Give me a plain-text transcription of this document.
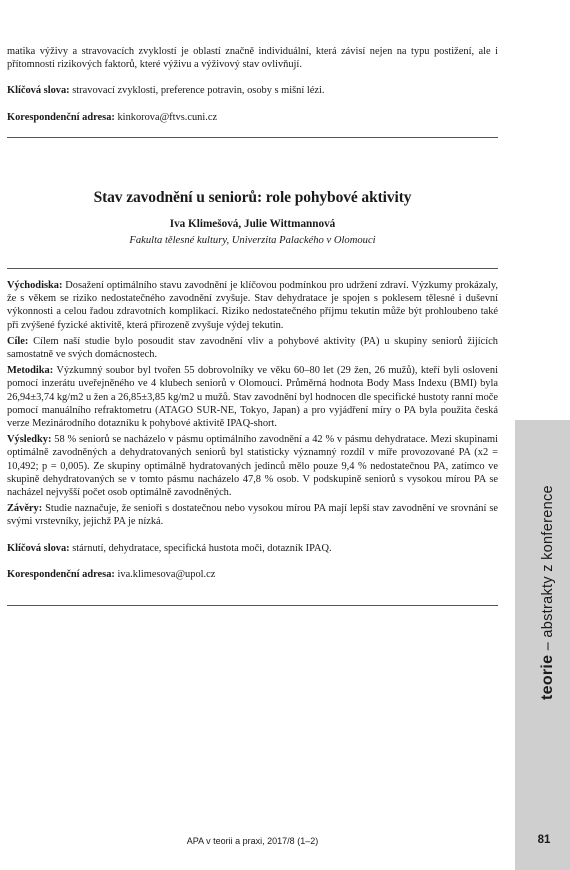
matika výživy a stravovacích zvyklostí je oblastí značně individuální, která závisí nejen na typu postižení, ale i přítomnosti rizikových faktorů, které výživu a výživový stav ovlivňují.

Klíčová slova: stravovací zvyklosti, preference potravin, osoby s mišní lézi.

Korespondenční adresa: kinkorova@ftvs.cuni.cz

Stav zavodnění u seniorů: role pohybové aktivity
Iva Klimešová, Julie Wittmannová
Fakulta tělesné kultury, Univerzita Palackého v Olomouci

Východiska: Dosažení optimálního stavu zavodnění je klíčovou podmínkou pro udržení zdraví. Výzkumy prokázaly, že s věkem se riziko nedostatečného zavodnění zvyšuje. Stav dehydratace je spojen s poklesem tělesné i duševní výkonnosti a celou řadou zdravotních komplikací. Riziko nedostatečného příjmu tekutin může být prohloubeno také při zvýšené fyzické aktivitě, která přirozeně zvyšuje výdej tekutin.

Cíle: Cílem naší studie bylo posoudit stav zavodnění vliv a pohybové aktivity (PA) u skupiny seniorů žijících samostatně ve svých domácnostech.

Metodika: Výzkumný soubor byl tvořen 55 dobrovolníky ve věku 60–80 let (29 žen, 26 mužů), kteří byli osloveni pomocí inzerátu uveřejněného ve 4 klubech seniorů v Olomouci. Průměrná hodnota Body Mass Indexu (BMI) byla 26,94±3,74 kg/m2 u žen a 26,85±3,85 kg/m2 u mužů. Stav zavodnění byl hodnocen dle specifické hustoty ranní moče pomocí manuálního refraktometru (ATAGO SUR-NE, Tokyo, Japan) a pro vyjádření míry o PA byla použita česká verze Mezinárodního dotazníku k pohybové aktivitě IPAQ-short.

Výsledky: 58 % seniorů se nacházelo v pásmu optimálního zavodnění a 42 % v pásmu dehydratace. Mezi skupinami optimálně zavodněných a dehydratovaných seniorů byl statisticky významný rozdíl v míře provozované PA (x2 = 10,492; p = 0,005). Ze skupiny optimálně hydratovaných jedinců mělo pouze 9,4 % nedostatečnou PA, zatímco ve skupině dehydratovaných se v tomto pásmu nacházelo 47,8 % osob. V podskupině seniorů s vysokou mírou PA se nacházel nejvyšší počet osob optimálně zavodněných.

Závěry: Studie naznačuje, že senioři s dostatečnou nebo vysokou mírou PA mají lepší stav zavodnění ve srovnání se svými vrstevníky, jejichž PA je nízká.

Klíčová slova: stárnutí, dehydratace, specifická hustota moči, dotazník IPAQ.

Korespondenční adresa: iva.klimesova@upol.cz

teorie – abstrakty z konference
APA v teorii a praxi, 2017/8 (1–2)	81
